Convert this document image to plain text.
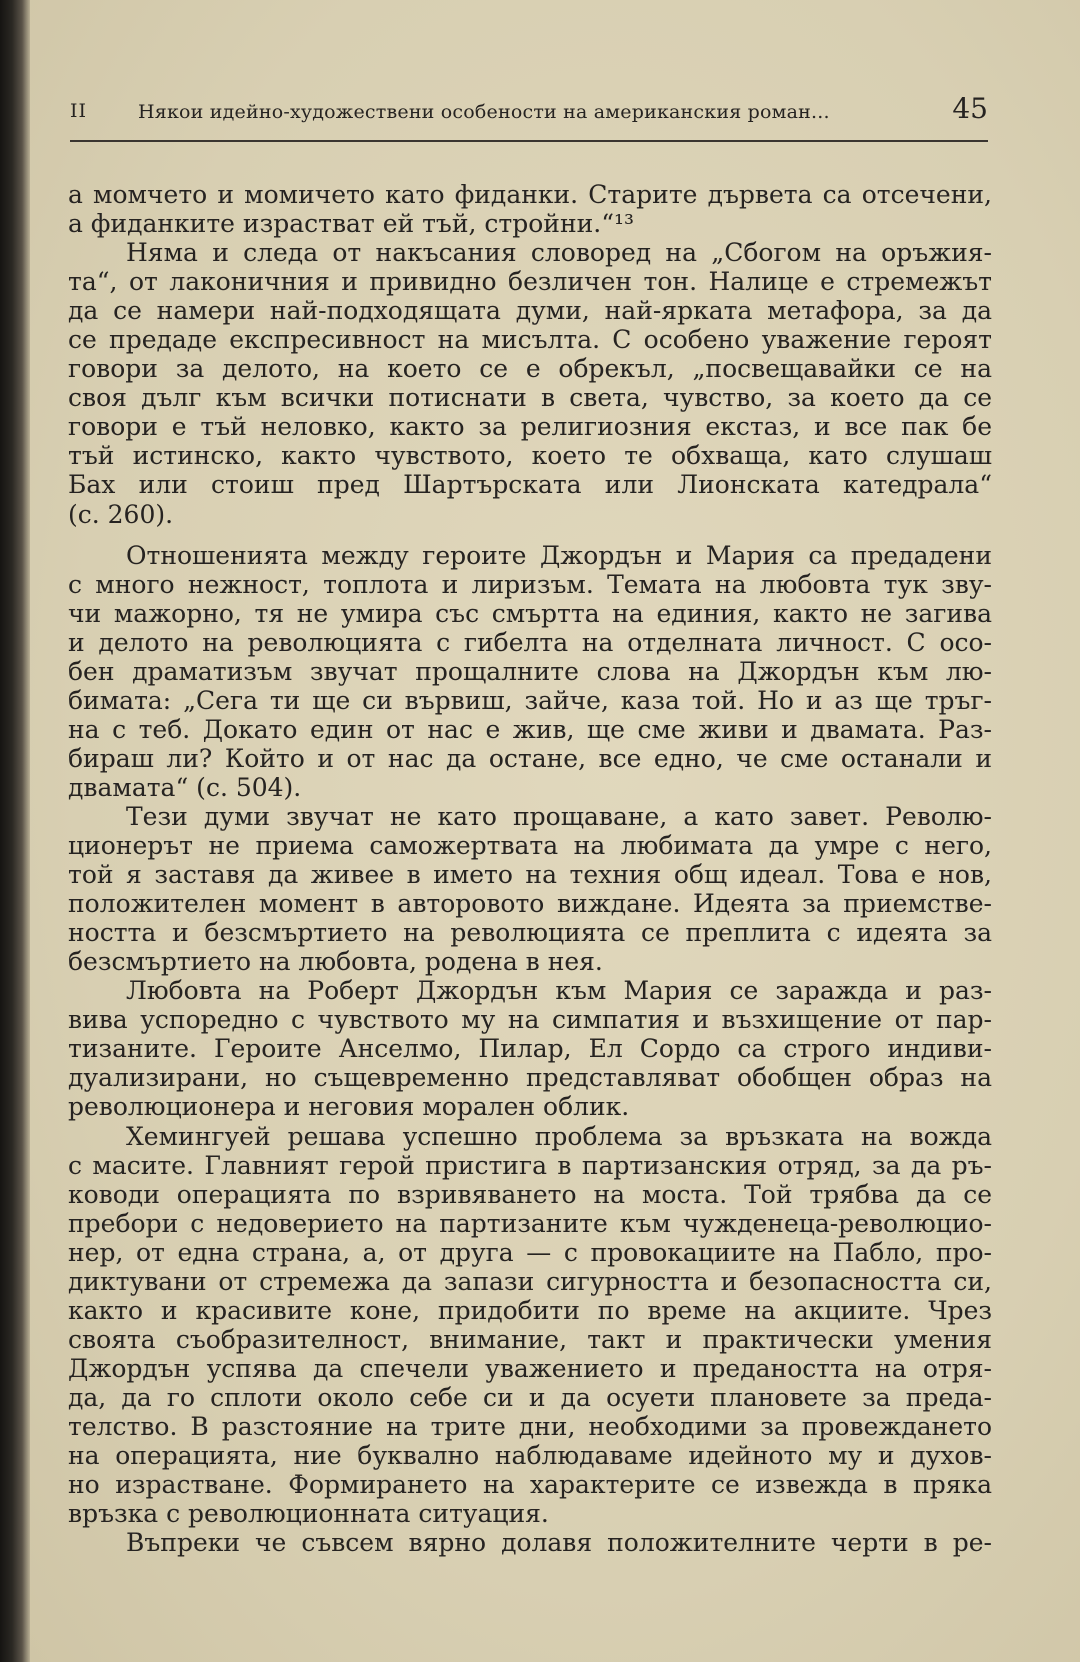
II	Някои идейно-художествени особености на американския роман...	45
а момчето и момичето като фиданки. Старите дървета са отсечени,
а фиданките израстват ей тъй, стройни.“¹³
Няма и следа от накъсания словоред на „Сбогом на оръжия-
та“, от лаконичния и привидно безличен тон. Налице е стремежът
да се намери най-подходящата думи, най-ярката метафора, за да
се предаде експресивност на мисълта. С особено уважение героят
говори за делото, на което се е обрекъл, „посвещавайки се на
своя дълг към всички потиснати в света, чувство, за което да се
говори е тъй неловко, както за религиозния екстаз, и все пак бе
тъй истинско, както чувството, което те обхваща, като слушаш
Бах или стоиш пред Шартърската или Лионската катедрала“
(с. 260).
Отношенията между героите Джордън и Мария са предадени
с много нежност, топлота и лиризъм. Темата на любовта тук зву-
чи мажорно, тя не умира със смъртта на единия, както не загива
и делото на революцията с гибелта на отделната личност. С осо-
бен драматизъм звучат прощалните слова на Джордън към лю-
бимата: „Сега ти ще си вървиш, зайче, каза той. Но и аз ще тръг-
на с теб. Докато един от нас е жив, ще сме живи и двамата. Раз-
бираш ли? Който и от нас да остане, все едно, че сме останали и
двамата“ (с. 504).
Тези думи звучат не като прощаване, а като завет. Револю-
ционерът не приема саможертвата на любимата да умре с него,
той я заставя да живее в името на техния общ идеал. Това е нов,
положителен момент в авторовото виждане. Идеята за приемстве-
ността и безсмъртието на революцията се преплита с идеята за
безсмъртието на любовта, родена в нея.
Любовта на Роберт Джордън към Мария се заражда и раз-
вива успоредно с чувството му на симпатия и възхищение от пар-
тизаните. Героите Анселмо, Пилар, Ел Сордо са строго индиви-
дуализирани, но същевременно представляват обобщен образ на
революционера и неговия моралeн облик.
Хемингуей решава успешно проблема за връзката на вожда
с масите. Главният герой пристига в партизанския отряд, за да ръ-
ководи операцията по взривяването на моста. Той трябва да се
пребори с недоверието на партизаните към чужденеца-революцио-
нер, от една страна, а, от друга — с провокациите на Пабло, про-
диктувани от стремежа да запази сигурността и безопасността си,
както и красивите коне, придобити по време на акциите. Чрез
своята съобразителност, внимание, такт и практически умения
Джордън успява да спечели уважението и предаността на отря-
да, да го сплоти около себе си и да осуети плановете за преда-
телство. В разстояние на трите дни, необходими за провеждането
на операцията, ние буквално наблюдаваме идейното му и духов-
но израстване. Формирането на характерите се извежда в пряка
връзка с революционната ситуация.
Въпреки че съвсем вярно долавя положителните черти в ре-
